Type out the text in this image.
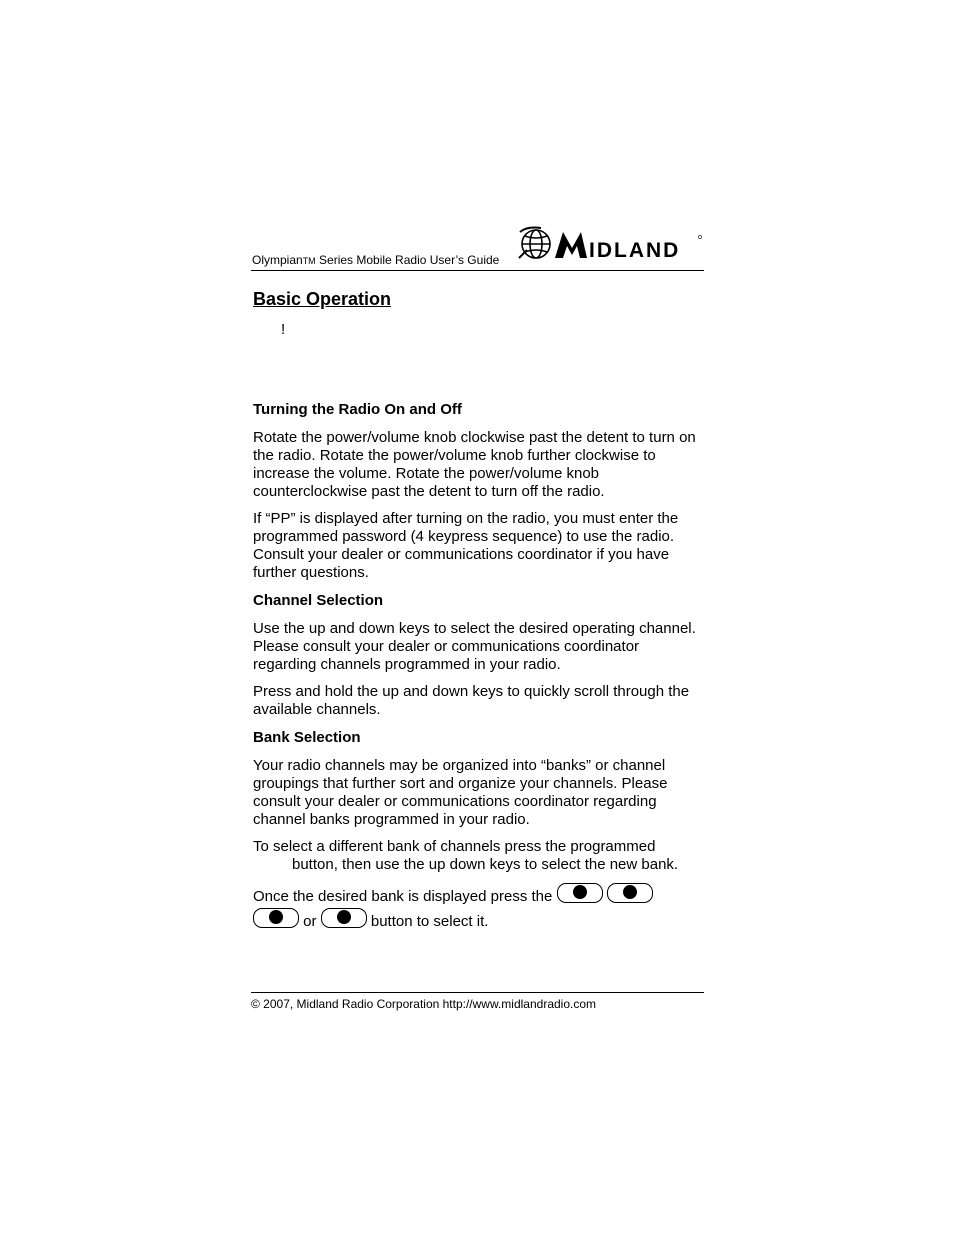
OlympianTM Series Mobile Radio User’s Guide	IDLAND
Basic Operation
!
Turning the Radio On and Off

Rotate the power/volume knob clockwise past the detent to turn on the radio. Rotate the power/volume knob further clockwise to increase the volume. Rotate the power/volume knob counterclockwise past the detent to turn off the radio.

If “PP” is displayed after turning on the radio, you must enter the programmed password (4 keypress sequence) to use the radio. Consult your dealer or communications coordinator if you have further questions.

Channel Selection

Use the up and down keys to select the desired operating channel. Please consult your dealer or communications coordinator regarding channels programmed in your radio.

Press and hold the up and down keys to quickly scroll through the available channels.

Bank Selection

Your radio channels may be organized into “banks” or channel groupings that further sort and organize your channels. Please consult your dealer or communications coordinator regarding channel banks programmed in your radio.

To select a different bank of channels press the programmed
button, then use the up down keys to select the new bank.

Once the desired bank is displayed press the
or	button to select it.

© 2007, Midland Radio Corporation http://www.midlandradio.com
